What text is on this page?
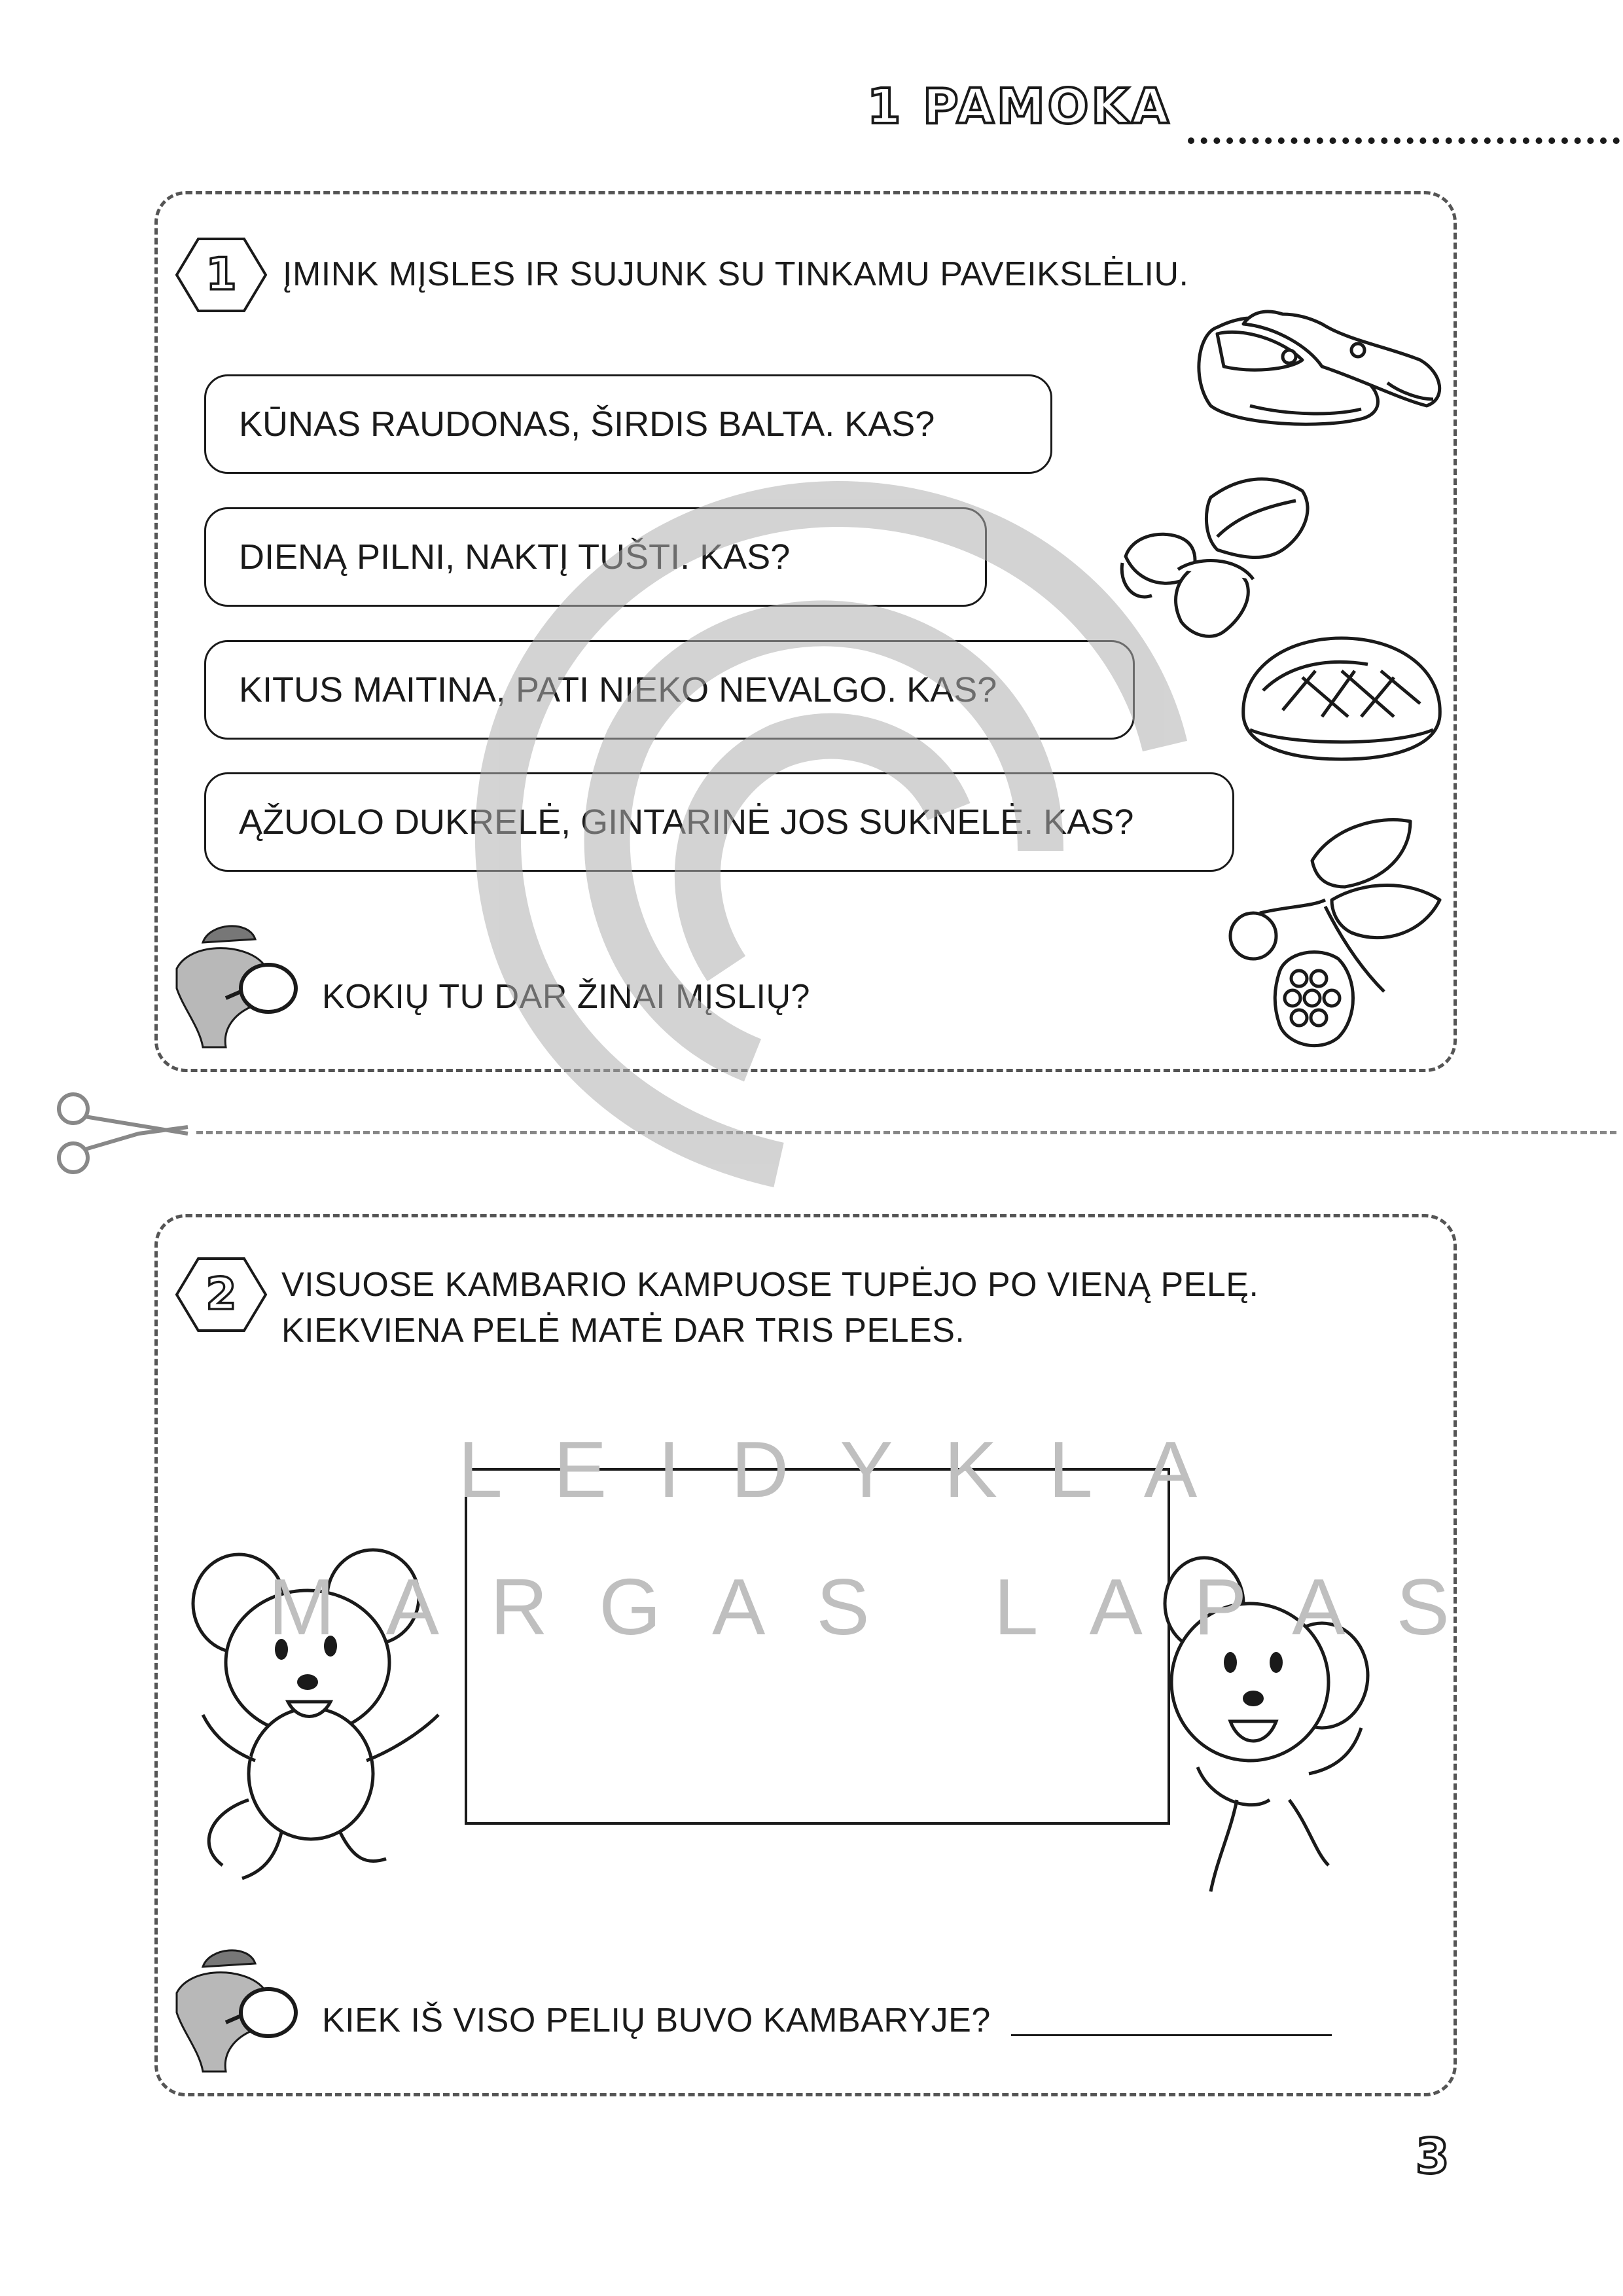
1 PAMOKA
1 ĮMINK MĮSLES IR SUJUNK SU TINKAMU PAVEIKSLĖLIU.
KŪNAS RAUDONAS, ŠIRDIS BALTA. KAS?
DIENĄ PILNI, NAKTĮ TUŠTI. KAS?
KITUS MAITINA, PATI NIEKO NEVALGO. KAS?
ĄŽUOLO DUKRELĖ, GINTARINĖ JOS SUKNELĖ. KAS?
KOKIŲ TU DAR ŽINAI MĮSLIŲ?
2 VISUOSE KAMBARIO KAMPUOSE TUPĖJO PO VIENĄ PELĘ.
KIEKVIENA PELĖ MATĖ DAR TRIS PELES.
KIEK IŠ VISO PELIŲ BUVO KAMBARYJE?
LEIDYKLA
MARGAS LAPAS
3
